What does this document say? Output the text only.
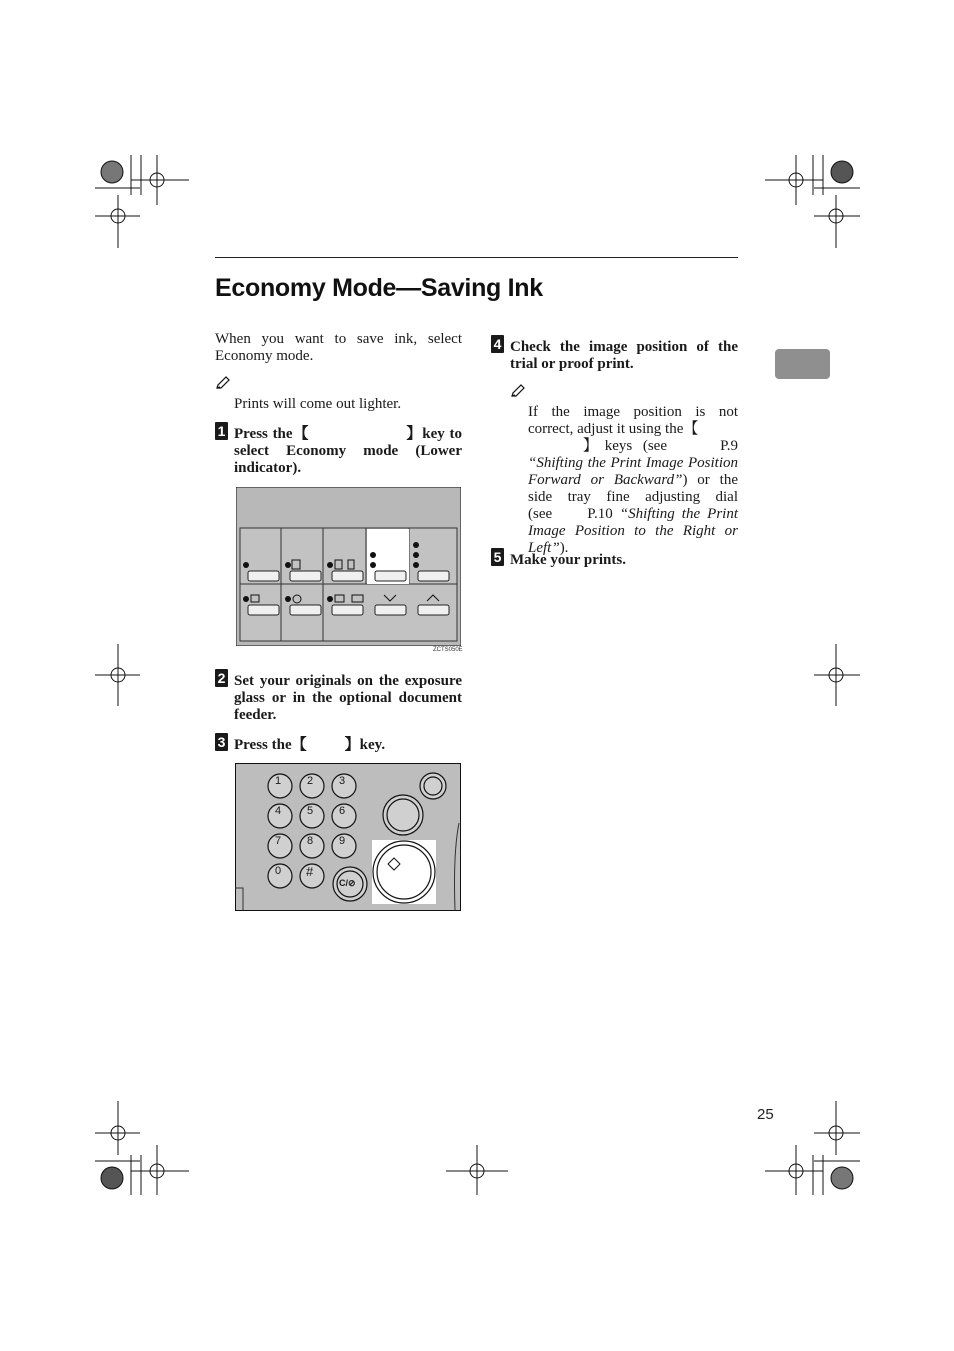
Economy Mode—Saving Ink
When you want to save ink, select Economy mode.
Prints will come out lighter.
1 Press the【	】key to select Economy mode (Lower indicator).
ZCTS050E
2 Set your originals on the exposure glass or in the optional document feeder.
3 Press the【	】key.
1 2 3
4 5 6
7 8 9
0 #
C/⊘
4 Check the image position of the trial or proof print.
If the image position is not correct, adjust it using the【
】keys (see	P.9 “Shifting the Print Image Position Forward or Backward”) or the side tray fine adjusting dial (see P.10 “Shifting the Print Image Position to the Right or Left”).
5 Make your prints.
25
